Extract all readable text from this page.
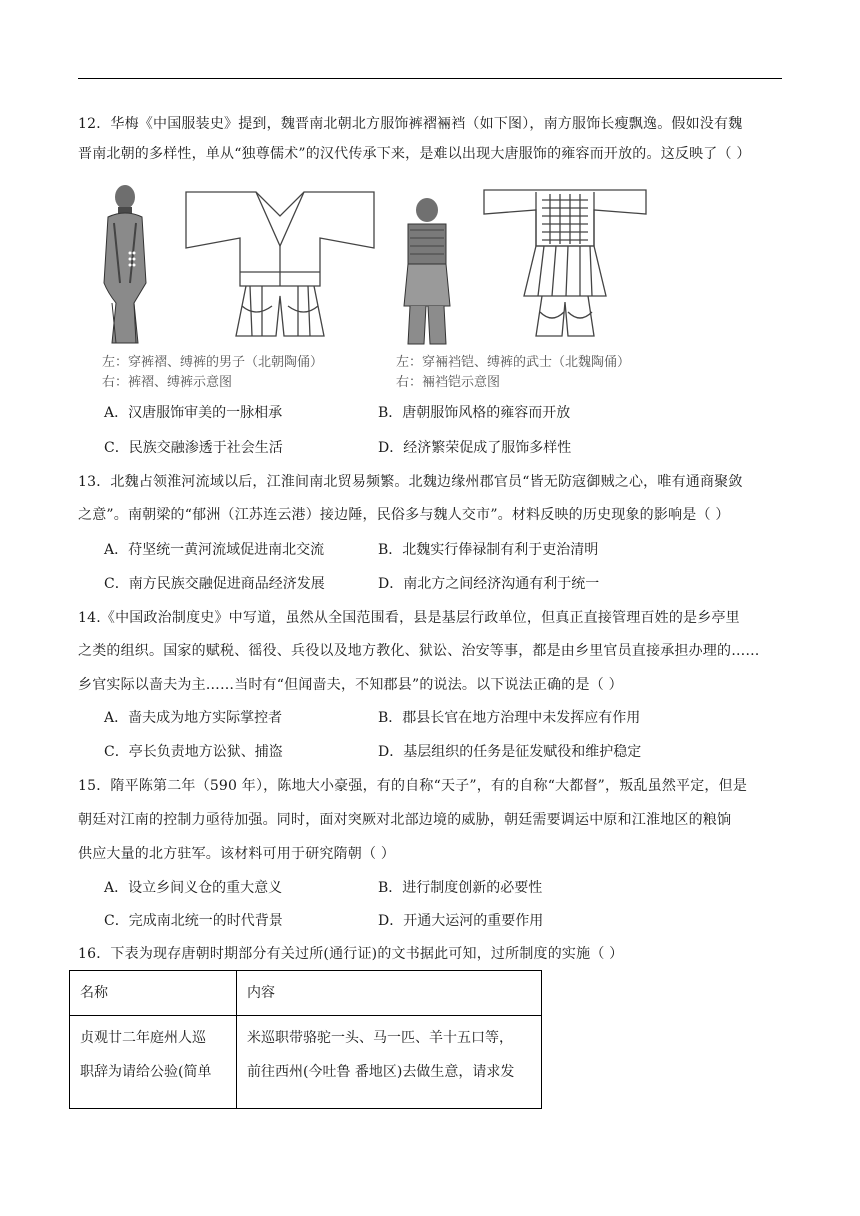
12．华梅《中国服装史》提到，魏晋南北朝北方服饰裤褶裲裆（如下图），南方服饰长瘦飘逸。假如没有魏
晋南北朝的多样性，单从“独尊儒术”的汉代传承下来，是难以出现大唐服饰的雍容而开放的。这反映了（ ）
左：穿裤褶、缚裤的男子（北朝陶俑）
右：裤褶、缚裤示意图
左：穿裲裆铠、缚裤的武士（北魏陶俑）
右：裲裆铠示意图
A．汉唐服饰审美的一脉相承	B．唐朝服饰风格的雍容而开放
C．民族交融渗透于社会生活	D．经济繁荣促成了服饰多样性
13．北魏占领淮河流域以后，江淮间南北贸易频繁。北魏边缘州郡官员“皆无防寇御贼之心，唯有通商聚敛
之意”。南朝梁的“郁洲（江苏连云港）接边陲，民俗多与魏人交市”。材料反映的历史现象的影响是（ ）
A．苻坚统一黄河流域促进南北交流	B．北魏实行俸禄制有利于吏治清明
C．南方民族交融促进商品经济发展	D．南北方之间经济沟通有利于统一
14.《中国政治制度史》中写道，虽然从全国范围看，县是基层行政单位，但真正直接管理百姓的是乡亭里
之类的组织。国家的赋税、徭役、兵役以及地方教化、狱讼、治安等事，都是由乡里官员直接承担办理的……
乡官实际以啬夫为主……当时有“但闻啬夫，不知郡县”的说法。以下说法正确的是（ ）
A．啬夫成为地方实际掌控者	B．郡县长官在地方治理中未发挥应有作用
C．亭长负责地方讼狱、捕盗	D．基层组织的任务是征发赋役和维护稳定
15．隋平陈第二年（590 年），陈地大小豪强，有的自称“天子”，有的自称“大都督”，叛乱虽然平定，但是
朝廷对江南的控制力亟待加强。同时，面对突厥对北部边境的威胁，朝廷需要调运中原和江淮地区的粮饷
供应大量的北方驻军。该材料可用于研究隋朝（ ）
A．设立乡间义仓的重大意义	B．进行制度创新的必要性
C．完成南北统一的时代背景	D．开通大运河的重要作用
16．下表为现存唐朝时期部分有关过所(通行证)的文书据此可知，过所制度的实施（ ）
名称	内容

贞观廿二年庭州人巡
职辞为请给公验(简单	米巡职带骆驼一头、马一匹、羊十五口等，
前往西州(今吐鲁 番地区)去做生意，请求发
